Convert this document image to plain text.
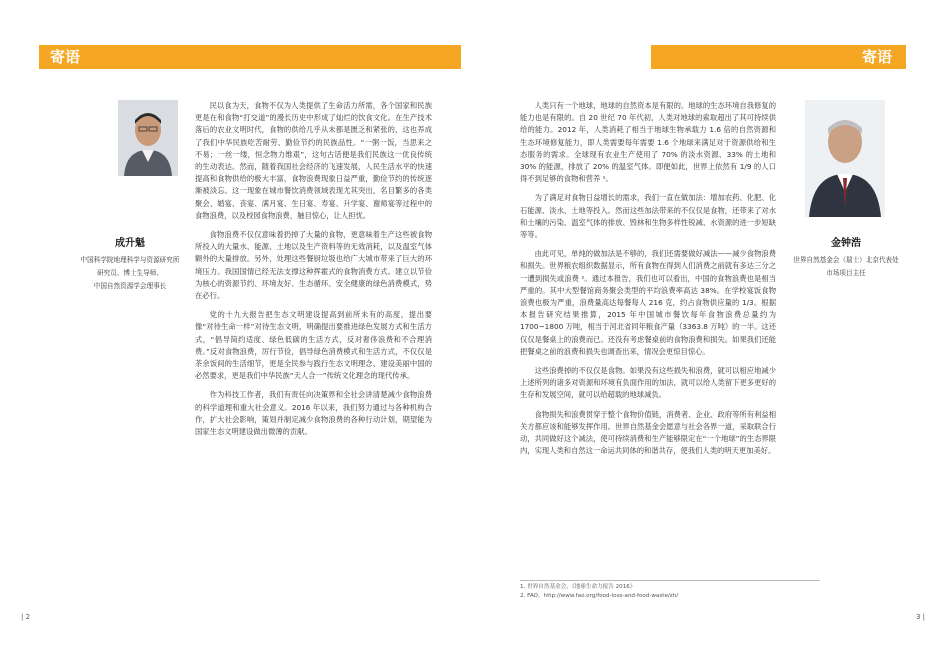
寄语
成升魁
中国科学院地理科学与资源研究所
研究员、博士生导师、
中国自然资源学会理事长

民以食为天，食物不仅为人类提供了生命活力所需，各个国家和民族更是在和食物“打交道”的漫长历史中形成了灿烂的饮食文化。在生产技术落后的农业文明时代，食物的供给几乎从未都是匮乏和紧张的，这也养成了我们中华民族吃苦耐劳、勤俭节约的民族品性。“一粥一饭，当思来之不易；一丝一缕，恒念物力维艰”，这句古话便是我们民族这一优良传统的生动表达。然而，随着我国社会经济的飞速发展，人民生活水平的快速提高和食物供给的极大丰富，食物浪费现象日益严重，勤俭节约的传统逐渐被淡忘。这一现象在城市餐饮消费领域表现尤其突出，名目繁多的各类聚会、婚宴、丧宴、满月宴、生日宴、寿宴、升学宴、谢师宴等过程中的食物浪费，以及校园食物浪费，触目惊心，让人担忧。

食物浪费不仅仅意味着扔掉了大量的食物，更意味着生产这些被食物所投入的大量水、能源、土地以及生产资料等的无效消耗，以及温室气体额外的大量排放。另外，处理这些餐厨垃圾也给广大城市带来了巨大的环境压力。我国国情已经无法支撑这种挥霍式的食物消费方式。建立以节俭为核心的资源节约、环境友好、生态循环、安全健康的绿色消费模式，势在必行。

党的十九大报告把生态文明建设提高到前所未有的高度，提出要像“对待生命一样”对待生态文明，明确提出要推进绿色发展方式和生活方式，“倡导简约适度、绿色低碳的生活方式，反对奢侈浪费和不合理消费。”反对食物浪费，厉行节俭，倡导绿色消费模式和生活方式，不仅仅是茶余饭间的生活细节，更是全民参与践行生态文明理念、建设美丽中国的必然要求，更是我们中华民族“天人合一”传统文化理念的现代传承。

作为科技工作者，我们有责任向决策界和全社会讲清楚减少食物浪费的科学道理和重大社会意义。2016 年以来，我们努力通过与各种机构合作，扩大社会影响，策划并制定减少食物浪费的各种行动计划，期望能为国家生态文明建设做出微薄的贡献。

| 2
寄语

人类只有一个地球，地球的自然资本是有限的。地球的生态环境自我修复的能力也是有限的。自 20 世纪 70 年代初，人类对地球的索取超出了其可持续供给的能力。2012 年，人类消耗了相当于地球生物承载力 1.6 倍的自然资源和生态环境修复能力，即人类需要每年需要 1.6 个地球来满足对于资源供给和生态服务的需求。全球现有农业生产使用了 70% 的淡水资源、33% 的土地和 30% 的能源，排放了 20% 的温室气体。即便如此，世界上依然有 1/9 的人口得不到足够的食物和营养 ¹。

为了满足对食物日益增长的需求，我们一直在做加法：增加农药、化肥、化石能源、淡水、土地等投入。然而这些加法带来的不仅仅是食物，还带来了对水和土壤的污染、温室气体的排放、毁林和生物多样性锐减、水资源的进一步短缺等等。

由此可见，单纯的做加法是不够的，我们还需要做好减法——减少食物浪费和损失。世界粮农组织数据显示，所有食物在得到人们消费之前就有多达三分之一遭到损失或浪费 ²。通过本报告，我们也可以看出，中国的食物浪费也是相当严重的。其中大型餐馆商务聚会类型的平均浪费率高达 38%。在学校宴饭食物浪费也极为严重，浪费量高达每餐每人 216 克，约占食物供应量的 1/3。根据本报告研究结果推算，2015 年中国城市餐饮每年食物浪费总量约为 1700~1800 万吨，相当于河北省同年粮食产量（3363.8 万吨）的一半。这还仅仅是餐桌上的浪费而已。还没有考虑餐桌前的食物浪费和损失。如果我们还能把餐桌之前的浪费和损失也调查出来，情况会更惊目惊心。

这些浪费掉的不仅仅是食物。如果没有这些损失和浪费，就可以相应地减少上述所列的诸多对资源和环境有负面作用的加法，就可以给人类留下更多更好的生存和发展空间，就可以给超载的地球减负。

食物损失和浪费贯穿于整个食物价值链，消费者、企业、政府等所有利益相关方都应该和能够发挥作用。世界自然基金会愿意与社会各界一道，采取联合行动，共同做好这个减法，使可持续消费和生产能够限定在“一个地球”的生态界限内，实现人类和自然这一命运共同体的和谐共存，使我们人类的明天更加美好。

金钟浩
世界自然基金会（瑞士）北京代表处
市场项目主任
1. 世界自然基金会，《地球生命力报告 2016》
2. FAO，http://www.fao.org/food-loss-and-food-waste/zh/
3 |
